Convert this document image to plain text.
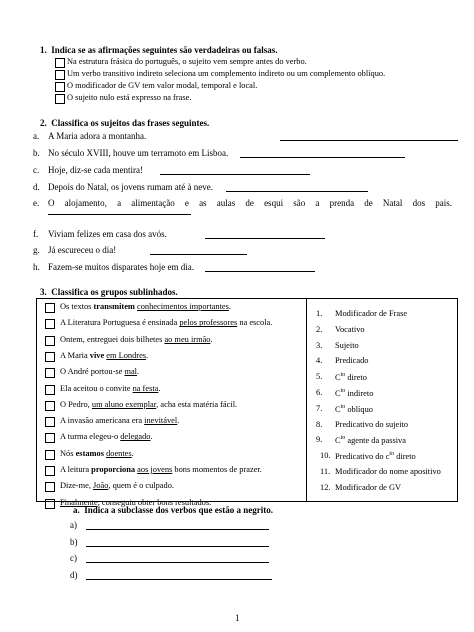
1.  Indica se as afirmações seguintes são verdadeiras ou falsas.
Na estrutura frásica do português, o sujeito vem sempre antes do verbo.
Um verbo transitivo indireto seleciona um complemento indireto ou um complemento oblíquo.
O modificador de GV tem valor modal, temporal e local.
O sujeito nulo está expresso na frase.
2.  Classifica os sujeitos das frases seguintes.
a. A Maria adora a montanha.
b. No século XVIII, houve um terramoto em Lisboa.
c. Hoje, diz-se cada mentira!
d. Depois do Natal, os jovens rumam até à neve.
e. O alojamento, a alimentação e as aulas de esqui são a prenda de Natal dos pais.
f. Viviam felizes em casa dos avós.
g. Já escureceu o dia!
h. Fazem-se muitos disparates hoje em dia.
3.  Classifica os grupos sublinhados.
Os textos transmitem conhecimentos importantes.
A Literatura Portuguesa é ensinada pelos professores na escola.
Ontem, entreguei dois bilhetes ao meu irmão.
A Maria vive em Londres.
O André portou-se mal.
Ela aceitou o convite na festa.
O Pedro, um aluno exemplar, acha esta matéria fácil.
A invasão americana era inevitável.
A turma elegeu-o delegado.
Nós estamos doentes.
A leitura proporciona aos jovens bons momentos de prazer.
Dize-me, João, quem é o culpado.
Finalmente, conseguiu obter bons resultados.
1. Modificador de Frase
2. Vocativo
3. Sujeito
4. Predicado
5. $C^{to}$ direto
6. $C^{to}$ indireto
7. $C^{to}$ oblíquo
8. Predicativo do sujeito
9. $C^{to}$ agente da passiva
10. Predicativo do $c^{to}$ direto
11. Modificador do nome apositivo
12. Modificador de GV
a.  Indica a subclasse dos verbos que estão a negrito.
a)
b)
c)
d)
1
